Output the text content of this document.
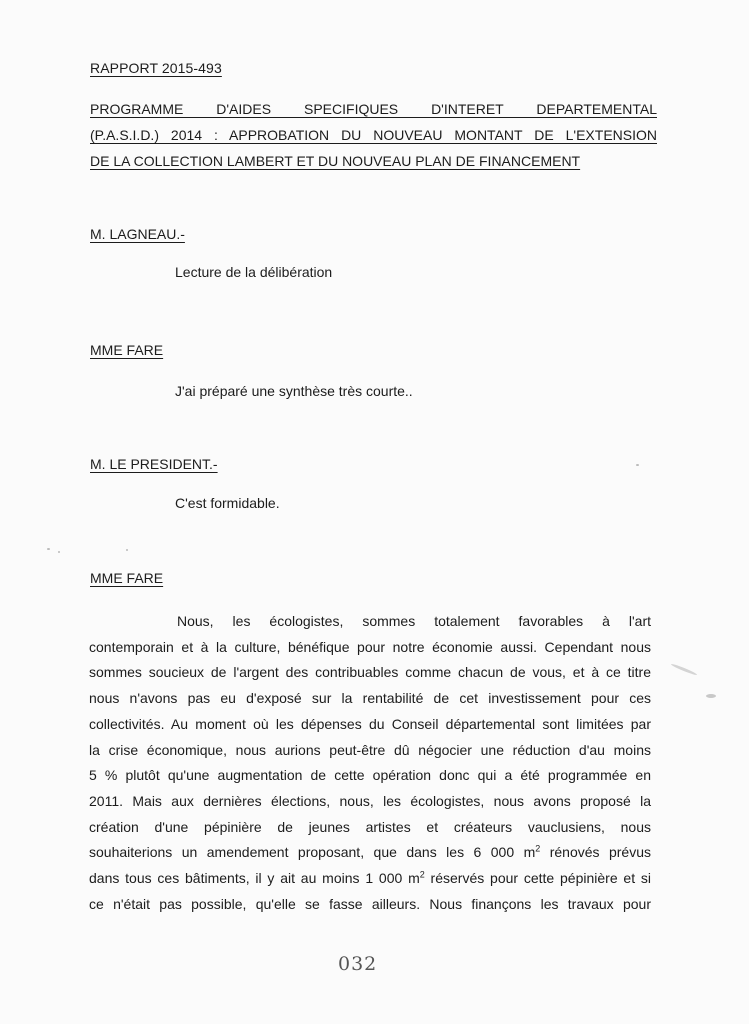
RAPPORT 2015-493
PROGRAMME D'AIDES SPECIFIQUES D'INTERET DEPARTEMENTAL
(P.A.S.I.D.) 2014 : APPROBATION DU NOUVEAU MONTANT DE L'EXTENSION
DE LA COLLECTION LAMBERT ET DU NOUVEAU PLAN DE FINANCEMENT
M. LAGNEAU.-
Lecture de la délibération
MME FARE
J'ai préparé une synthèse très courte..
M. LE PRESIDENT.-
C'est formidable.
MME FARE
Nous, les écologistes, sommes totalement favorables à l'art
contemporain et à la culture, bénéfique pour notre économie aussi. Cependant nous
sommes soucieux de l'argent des contribuables comme chacun de vous, et à ce titre
nous n'avons pas eu d'exposé sur la rentabilité de cet investissement pour ces
collectivités. Au moment où les dépenses du Conseil départemental sont limitées par
la crise économique, nous aurions peut-être dû négocier une réduction d'au moins
5 % plutôt qu'une augmentation de cette opération donc qui a été programmée en
2011. Mais aux dernières élections, nous, les écologistes, nous avons proposé la
création d'une pépinière de jeunes artistes et créateurs vauclusiens, nous
souhaiterions un amendement proposant, que dans les 6 000 $m^2$ rénovés prévus
dans tous ces bâtiments, il y ait au moins 1 000 $m^2$ réservés pour cette pépinière et si
ce n'était pas possible, qu'elle se fasse ailleurs. Nous finançons les travaux pour
032
